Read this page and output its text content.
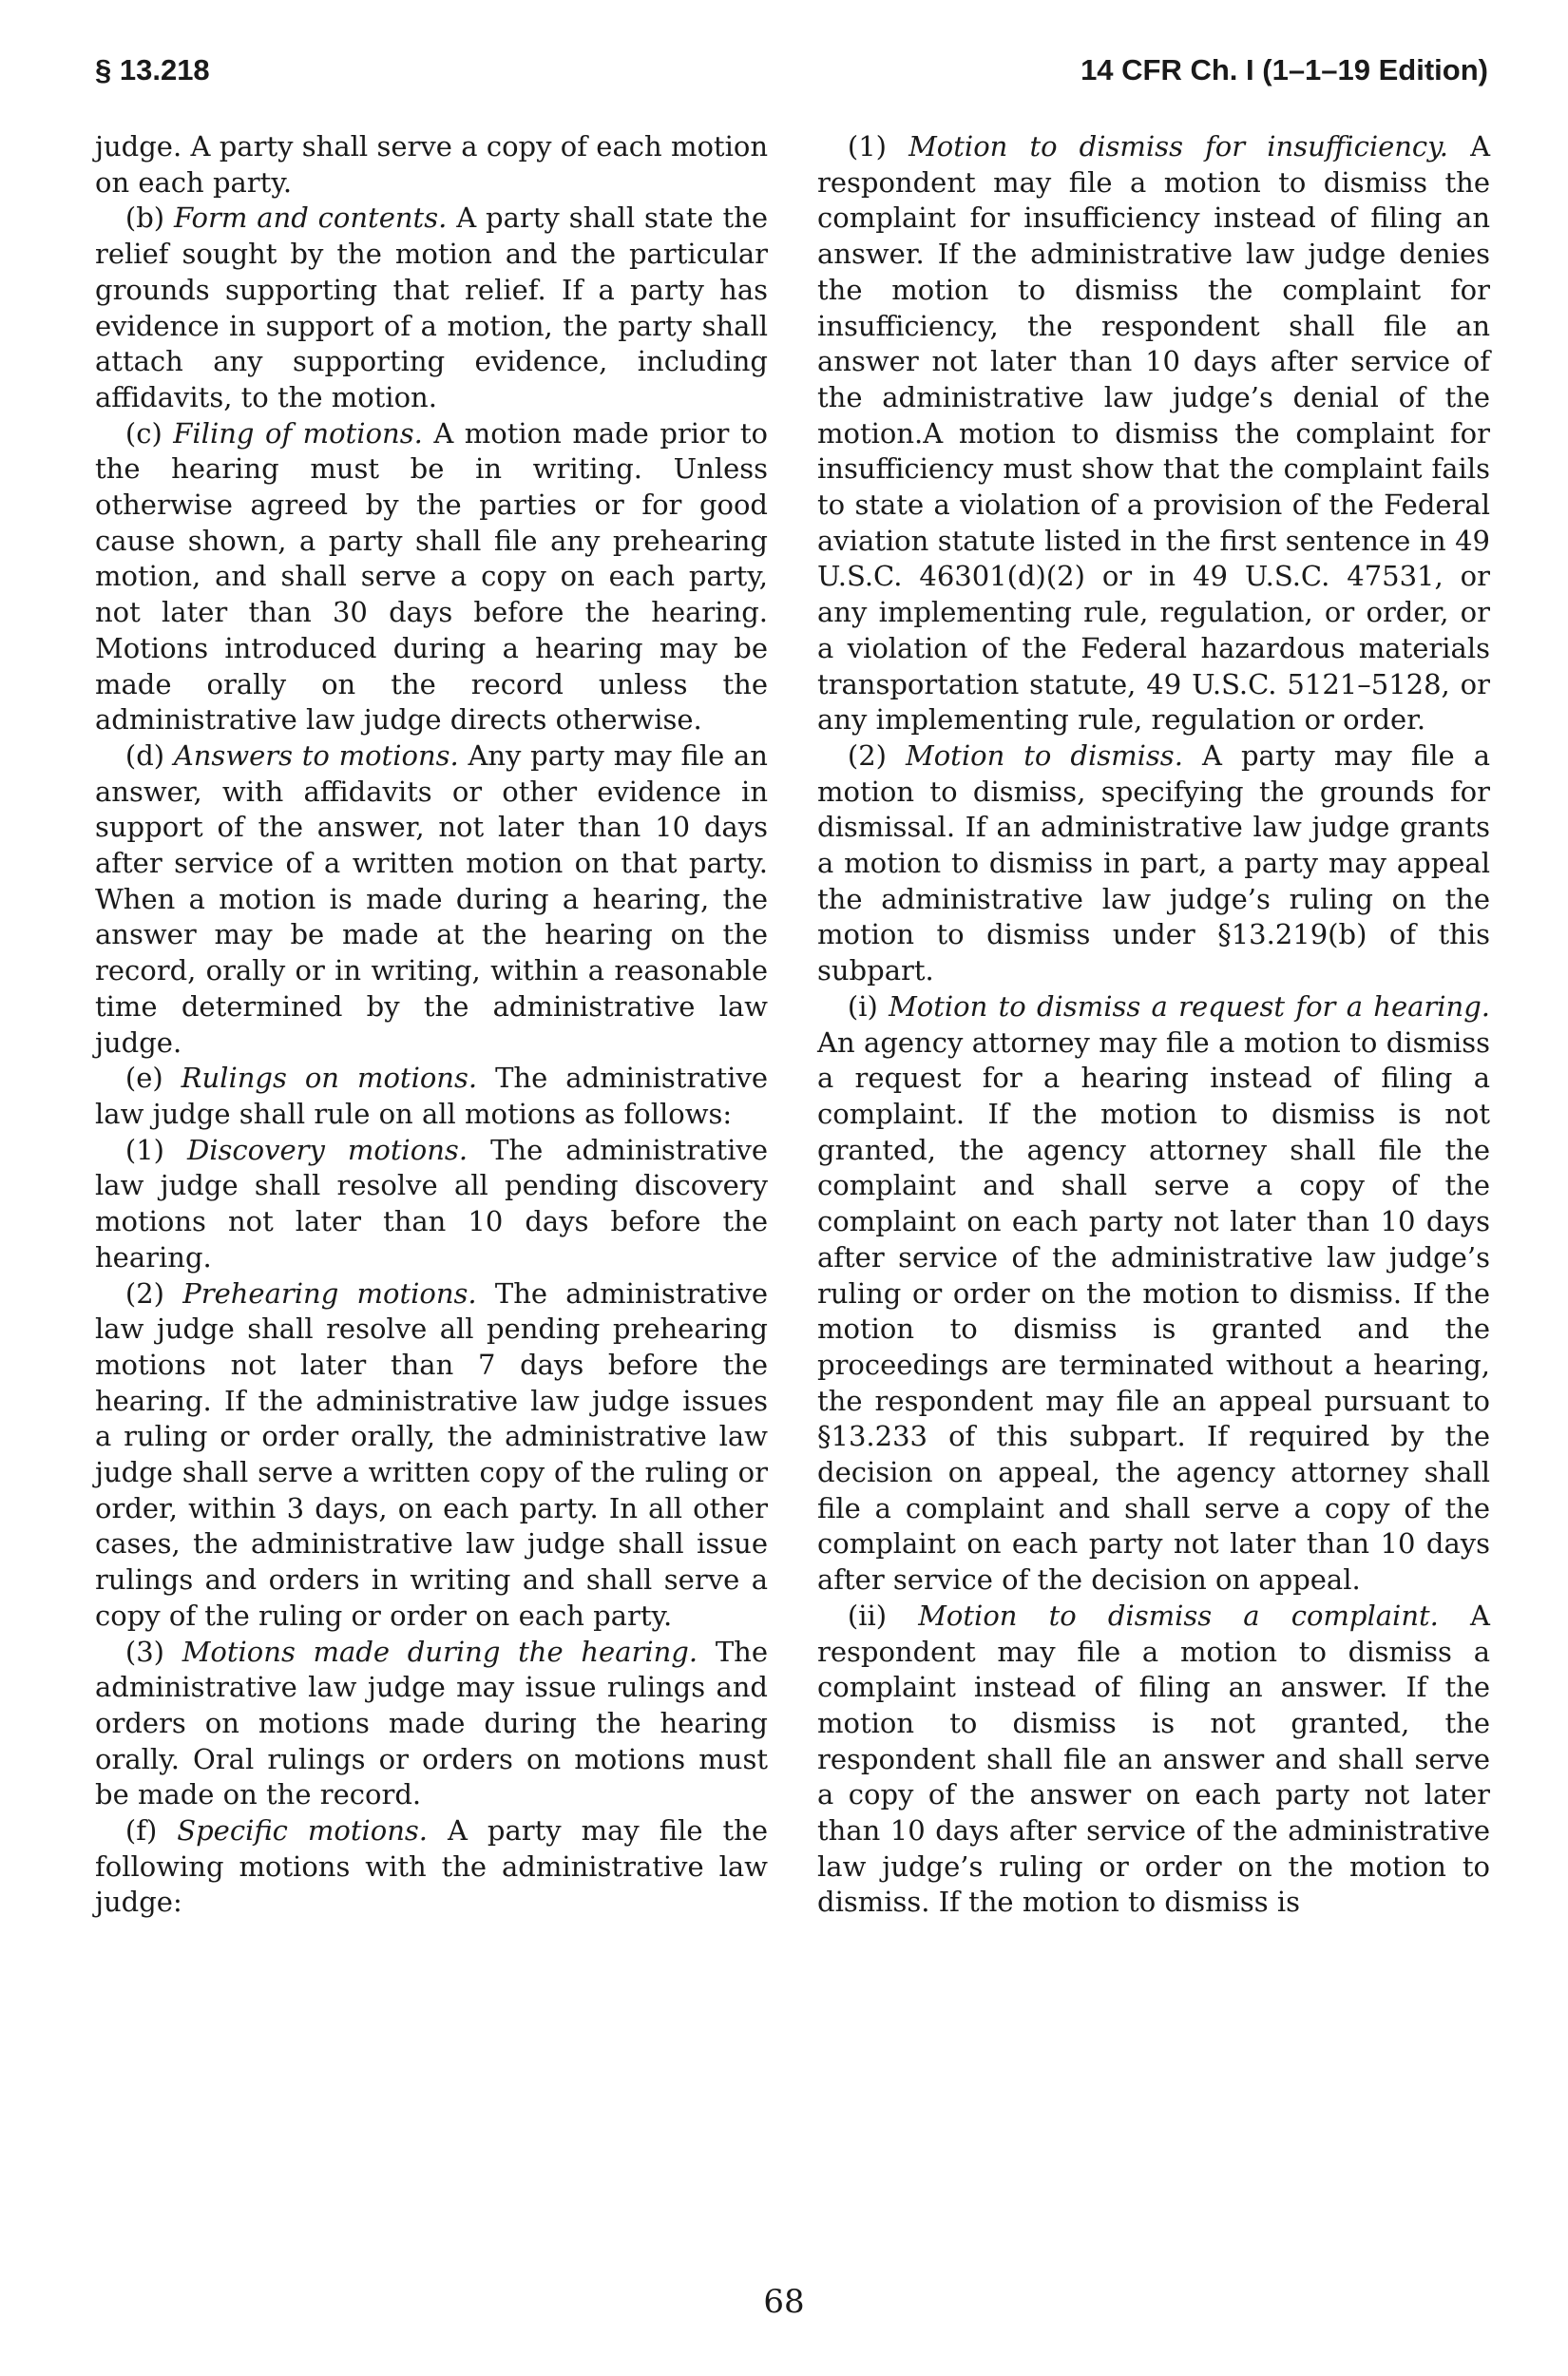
§ 13.218	14 CFR Ch. I (1–1–19 Edition)

judge. A party shall serve a copy of each motion on each party.

(b) Form and contents. A party shall state the relief sought by the motion and the particular grounds supporting that relief. If a party has evidence in support of a motion, the party shall attach any supporting evidence, including affidavits, to the motion.

(c) Filing of motions. A motion made prior to the hearing must be in writing. Unless otherwise agreed by the parties or for good cause shown, a party shall file any prehearing motion, and shall serve a copy on each party, not later than 30 days before the hearing. Motions introduced during a hearing may be made orally on the record unless the administrative law judge directs otherwise.

(d) Answers to motions. Any party may file an answer, with affidavits or other evidence in support of the answer, not later than 10 days after service of a written motion on that party. When a motion is made during a hearing, the answer may be made at the hearing on the record, orally or in writing, within a reasonable time determined by the administrative law judge.

(e) Rulings on motions. The administrative law judge shall rule on all motions as follows:

(1) Discovery motions. The administrative law judge shall resolve all pending discovery motions not later than 10 days before the hearing.

(2) Prehearing motions. The administrative law judge shall resolve all pending prehearing motions not later than 7 days before the hearing. If the administrative law judge issues a ruling or order orally, the administrative law judge shall serve a written copy of the ruling or order, within 3 days, on each party. In all other cases, the administrative law judge shall issue rulings and orders in writing and shall serve a copy of the ruling or order on each party.

(3) Motions made during the hearing. The administrative law judge may issue rulings and orders on motions made during the hearing orally. Oral rulings or orders on motions must be made on the record.

(f) Specific motions. A party may file the following motions with the administrative law judge:

(1) Motion to dismiss for insufficiency. A respondent may file a motion to dismiss the complaint for insufficiency instead of filing an answer. If the administrative law judge denies the motion to dismiss the complaint for insufficiency, the respondent shall file an answer not later than 10 days after service of the administrative law judge’s denial of the motion.A motion to dismiss the complaint for insufficiency must show that the complaint fails to state a violation of a provision of the Federal aviation statute listed in the first sentence in 49 U.S.C. 46301(d)(2) or in 49 U.S.C. 47531, or any implementing rule, regulation, or order, or a violation of the Federal hazardous materials transportation statute, 49 U.S.C. 5121–5128, or any implementing rule, regulation or order.

(2) Motion to dismiss. A party may file a motion to dismiss, specifying the grounds for dismissal. If an administrative law judge grants a motion to dismiss in part, a party may appeal the administrative law judge’s ruling on the motion to dismiss under §13.219(b) of this subpart.

(i) Motion to dismiss a request for a hearing. An agency attorney may file a motion to dismiss a request for a hearing instead of filing a complaint. If the motion to dismiss is not granted, the agency attorney shall file the complaint and shall serve a copy of the complaint on each party not later than 10 days after service of the administrative law judge’s ruling or order on the motion to dismiss. If the motion to dismiss is granted and the proceedings are terminated without a hearing, the respondent may file an appeal pursuant to §13.233 of this subpart. If required by the decision on appeal, the agency attorney shall file a complaint and shall serve a copy of the complaint on each party not later than 10 days after service of the decision on appeal.

(ii) Motion to dismiss a complaint. A respondent may file a motion to dismiss a complaint instead of filing an answer. If the motion to dismiss is not granted, the respondent shall file an answer and shall serve a copy of the answer on each party not later than 10 days after service of the administrative law judge’s ruling or order on the motion to dismiss. If the motion to dismiss is

68
